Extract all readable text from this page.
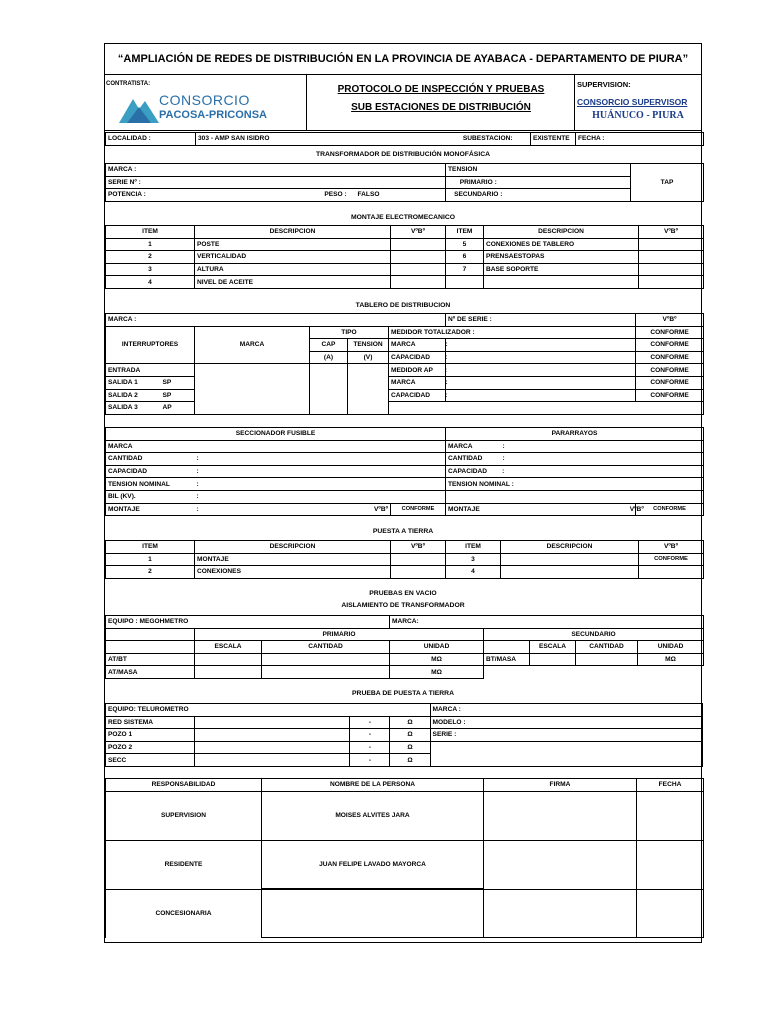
“AMPLIACIÓN DE REDES DE DISTRIBUCIÓN EN LA PROVINCIA DE AYABACA - DEPARTAMENTO DE PIURA”
CONTRATISTA:
CONSORCIO
PACOSA-PRICONSA
PROTOCOLO DE INSPECCIÓN Y PRUEBAS
SUB ESTACIONES DE DISTRIBUCIÓN
SUPERVISION:
CONSORCIO SUPERVISOR
HUÁNUCO - PIURA
LOCALIDAD :	303 - AMP SAN ISIDRO	SUBESTACION:	EXISTENTE	FECHA :
TRANSFORMADOR DE DISTRIBUCIÓN MONOFÁSICA
MARCA :			TENSION		TAP
SERIE Nº :			PRIMARIO :		
POTENCIA :	PESO :	FALSO	SECUNDARIO :		
MONTAJE ELECTROMECANICO
ITEM	DESCRIPCION	VºBº	ITEM	DESCRIPCION	VºBº
1	POSTE		5	CONEXIONES DE TABLERO	
2	VERTICALIDAD		6	PRENSAESTOPAS	
3	ALTURA		7	BASE SOPORTE	
4	NIVEL DE ACEITE				
TABLERO DE DISTRIBUCION
MARCA :						Nº DE SERIE :	VºBº
INTERRUPTORES		MARCA	TIPO		MEDIDOR TOTALIZADOR :		CONFORME
			CAP	TENSION	MARCA :		CONFORME
			(A)	(V)	CAPACIDAD :		CONFORME
ENTRADA					MEDIDOR AP :		CONFORME
SALIDA 1	SP				MARCA :		CONFORME
SALIDA 2	SP				CAPACIDAD :		CONFORME
SALIDA 3	AP						
SECCIONADOR FUSIBLE				PARARRAYOS	
MARCA				MARCA :	
CANTIDAD	:			CANTIDAD :	
CAPACIDAD	:			CAPACIDAD :	
TENSION NOMINAL	:			TENSION NOMINAL :	
BIL (KV).	:				
MONTAJE	:	VºBº	CONFORME	MONTAJE VºBº	CONFORME
PUESTA A TIERRA
ITEM	DESCRIPCION	VºBº	ITEM	DESCRIPCION	VºBº
1	MONTAJE		3		CONFORME
2	CONEXIONES		4		
PRUEBAS EN VACIO
AISLAMIENTO DE TRANSFORMADOR
EQUIPO : MEGOHMETRO			MARCA:				
	PRIMARIO			SECUNDARIO			
	ESCALA	CANTIDAD	UNIDAD		ESCALA	CANTIDAD	UNIDAD
AT/BT			MΩ	BT/MASA			MΩ
AT/MASA			MΩ				
PRUEBA DE PUESTA A TIERRA
EQUIPO: TELUROMETRO				MARCA :
RED SISTEMA		-	Ω	MODELO :
POZO 1		-	Ω	SERIE :
POZO 2		-	Ω	
SECC		-	Ω	
RESPONSABILIDAD	NOMBRE DE LA PERSONA	FIRMA	FECHA
SUPERVISION	MOISES ALVITES JARA		
RESIDENTE	JUAN FELIPE LAVADO MAYORCA		
CONCESIONARIA			
